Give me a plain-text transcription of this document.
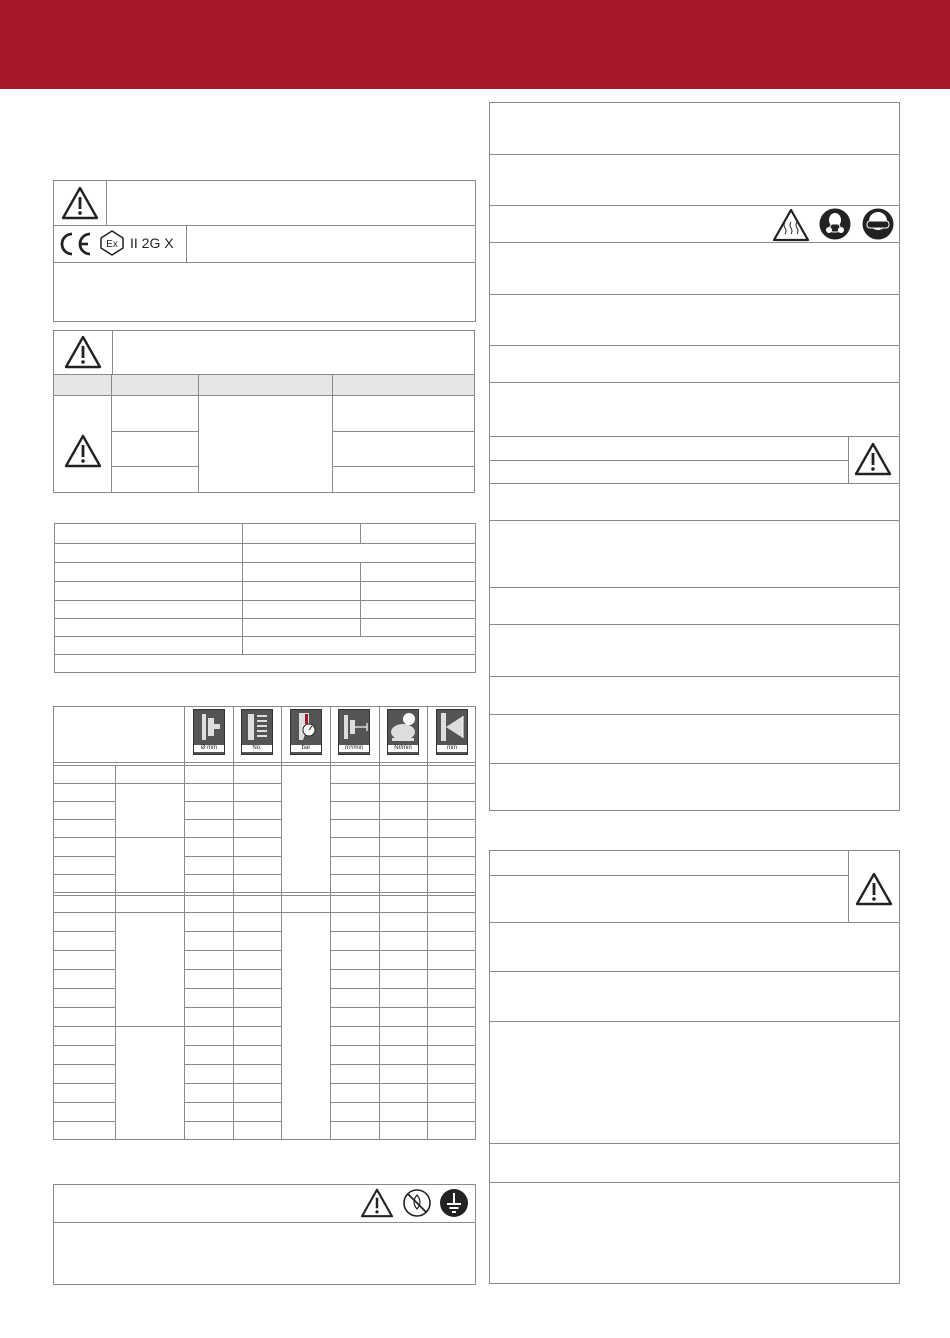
Ex II 2G X
Ø mm	No.	bar	m³/min	Nℓ/min	mm
